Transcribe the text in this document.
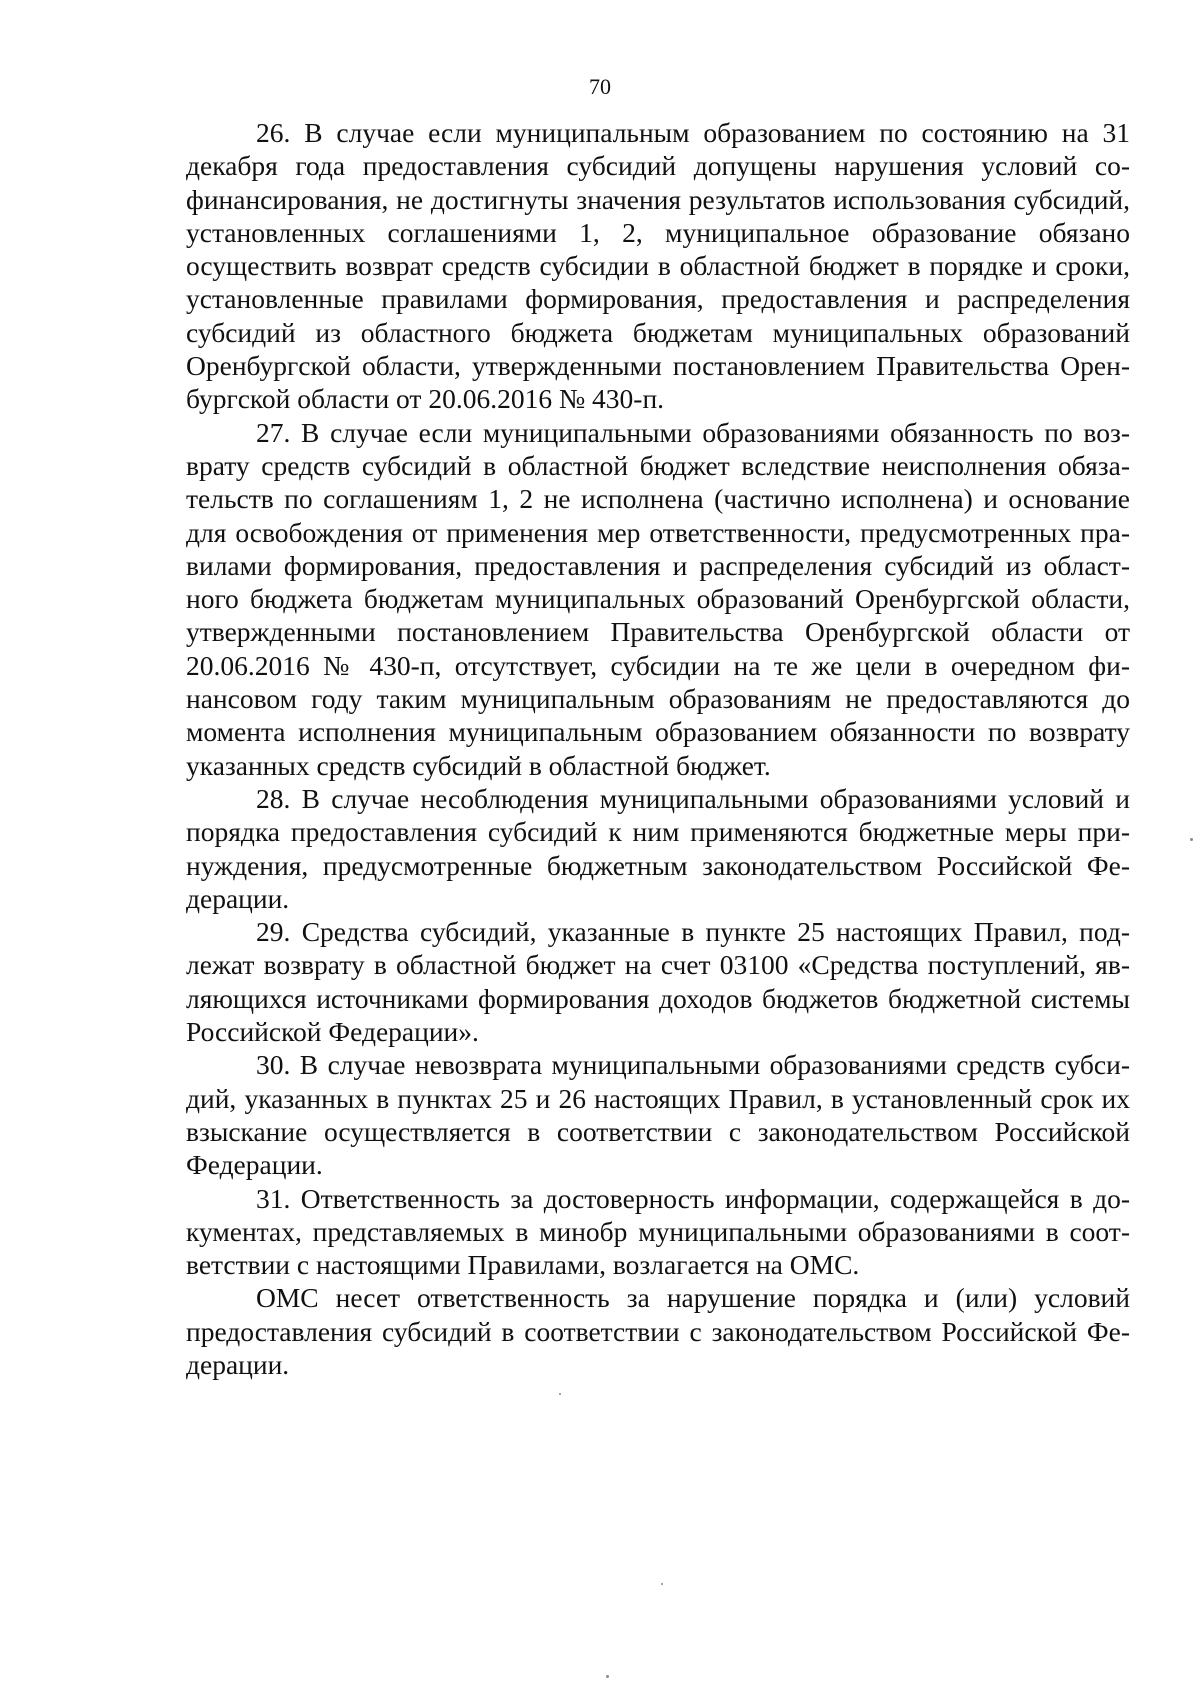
70

26. В случае если муниципальным образованием по состоянию на 31 декабря года предоставления субсидий допущены нарушения условий софинансирования, не достигнуты значения результатов использования субсидий, установленных соглашениями 1, 2, муниципальное образование обязано осуществить возврат средств субсидии в областной бюджет в порядке и сроки, установленные правилами формирования, предоставления и распределения субсидий из областного бюджета бюджетам муниципальных образований Оренбургской области, утвержденными постановлением Правительства Оренбургской области от 20.06.2016 № 430-п.

27. В случае если муниципальными образованиями обязанность по возврату средств субсидий в областной бюджет вследствие неисполнения обязательств по соглашениям 1, 2 не исполнена (частично исполнена) и основание для освобождения от применения мер ответственности, предусмотренных правилами формирования, предоставления и распределения субсидий из областного бюджета бюджетам муниципальных образований Оренбургской области, утвержденными постановлением Правительства Оренбургской области от 20.06.2016 № 430-п, отсутствует, субсидии на те же цели в очередном финансовом году таким муниципальным образованиям не предоставляются до момента исполнения муниципальным образованием обязанности по возврату указанных средств субсидий в областной бюджет.

28. В случае несоблюдения муниципальными образованиями условий и порядка предоставления субсидий к ним применяются бюджетные меры принуждения, предусмотренные бюджетным законодательством Российской Федерации.

29. Средства субсидий, указанные в пункте 25 настоящих Правил, подлежат возврату в областной бюджет на счет 03100 «Средства поступлений, являющихся источниками формирования доходов бюджетов бюджетной системы Российской Федерации».

30. В случае невозврата муниципальными образованиями средств субсидий, указанных в пунктах 25 и 26 настоящих Правил, в установленный срок их взыскание осуществляется в соответствии с законодательством Российской Федерации.

31. Ответственность за достоверность информации, содержащейся в документах, представляемых в минобр муниципальными образованиями в соответствии с настоящими Правилами, возлагается на ОМС.

ОМС несет ответственность за нарушение порядка и (или) условий предоставления субсидий в соответствии с законодательством Российской Федерации.
